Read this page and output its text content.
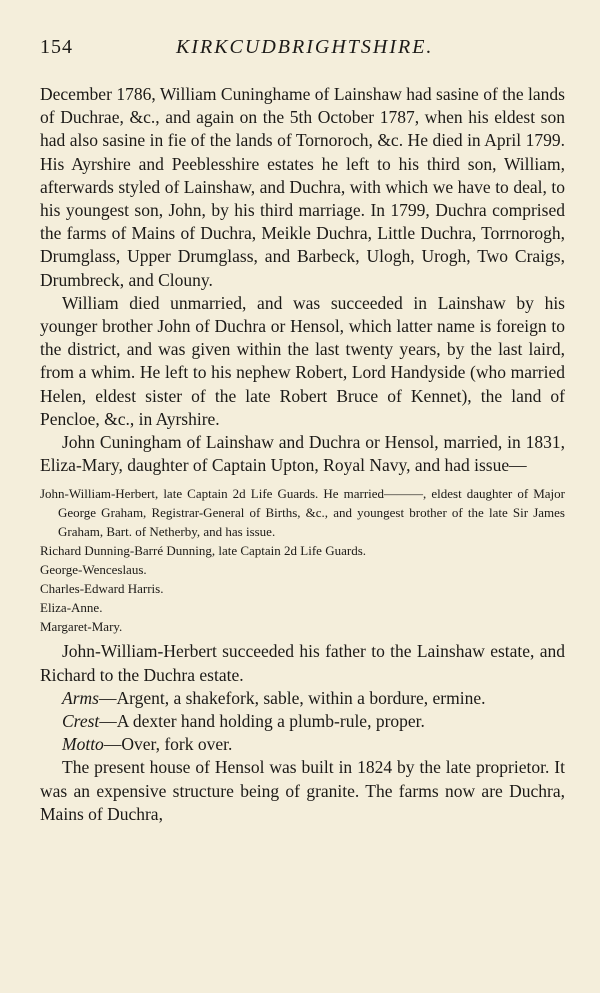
154	KIRKCUDBRIGHTSHIRE.

December 1786, William Cuninghame of Lainshaw had sasine of the lands of Duchrae, &c., and again on the 5th October 1787, when his eldest son had also sasine in fie of the lands of Tornoroch, &c. He died in April 1799. His Ayrshire and Peeblesshire estates he left to his third son, William, afterwards styled of Lainshaw, and Duchra, with which we have to deal, to his youngest son, John, by his third marriage. In 1799, Duchra comprised the farms of Mains of Duchra, Meikle Duchra, Little Duchra, Torrnorogh, Drumglass, Upper Drumglass, and Barbeck, Ulogh, Urogh, Two Craigs, Drumbreck, and Clouny.

William died unmarried, and was succeeded in Lainshaw by his younger brother John of Duchra or Hensol, which latter name is foreign to the district, and was given within the last twenty years, by the last laird, from a whim. He left to his nephew Robert, Lord Handyside (who married Helen, eldest sister of the late Robert Bruce of Kennet), the land of Pencloe, &c., in Ayrshire.

John Cuningham of Lainshaw and Duchra or Hensol, married, in 1831, Eliza-Mary, daughter of Captain Upton, Royal Navy, and had issue—

John-William-Herbert, late Captain 2d Life Guards. He married———, eldest daughter of Major George Graham, Registrar-General of Births, &c., and youngest brother of the late Sir James Graham, Bart. of Netherby, and has issue.

Richard Dunning-Barré Dunning, late Captain 2d Life Guards.

George-Wenceslaus.

Charles-Edward Harris.

Eliza-Anne.

Margaret-Mary.

John-William-Herbert succeeded his father to the Lainshaw estate, and Richard to the Duchra estate.

Arms—Argent, a shakefork, sable, within a bordure, ermine.

Crest—A dexter hand holding a plumb-rule, proper.

Motto—Over, fork over.

The present house of Hensol was built in 1824 by the late proprietor. It was an expensive structure being of granite. The farms now are Duchra, Mains of Duchra,
